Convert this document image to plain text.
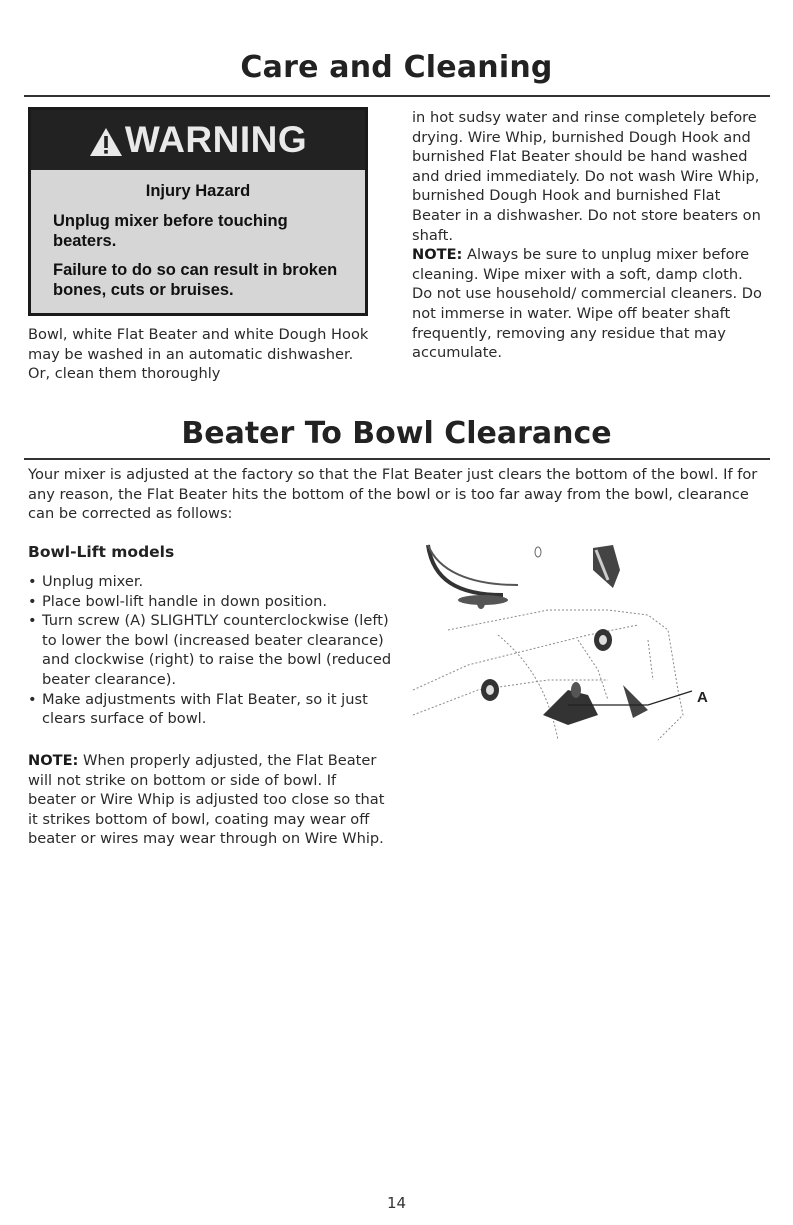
Care and Cleaning
WARNING
Injury Hazard
Unplug mixer before touching beaters.
Failure to do so can result in broken bones, cuts or bruises.
Bowl, white Flat Beater and white Dough Hook may be washed in an automatic dishwasher. Or, clean them thoroughly
in hot sudsy water and rinse completely before drying. Wire Whip, burnished Dough Hook and burnished Flat Beater should be hand washed and dried immediately. Do not wash Wire Whip, burnished Dough Hook and burnished Flat Beater in a dishwasher. Do not store beaters on shaft.
NOTE: Always be sure to unplug mixer before cleaning. Wipe mixer with a soft, damp cloth. Do not use household/ commercial cleaners. Do not immerse in water. Wipe off beater shaft frequently, removing any residue that may accumulate.
Beater To Bowl Clearance
Your mixer is adjusted at the factory so that the Flat Beater just clears the bottom of the bowl. If for any reason, the Flat Beater hits the bottom of the bowl or is too far away from the bowl, clearance can be corrected as follows:
Bowl-Lift models
• Unplug mixer.
• Place bowl-lift handle in down position.
• Turn screw (A) SLIGHTLY counterclockwise (left) to lower the bowl (increased beater clearance) and clockwise (right) to raise the bowl (reduced beater clearance).
• Make adjustments with Flat Beater, so it just clears surface of bowl.
NOTE: When properly adjusted, the Flat Beater will not strike on bottom or side of bowl. If beater or Wire Whip is adjusted too close so that it strikes bottom of bowl, coating may wear off beater or wires may wear through on Wire Whip.
A
14
